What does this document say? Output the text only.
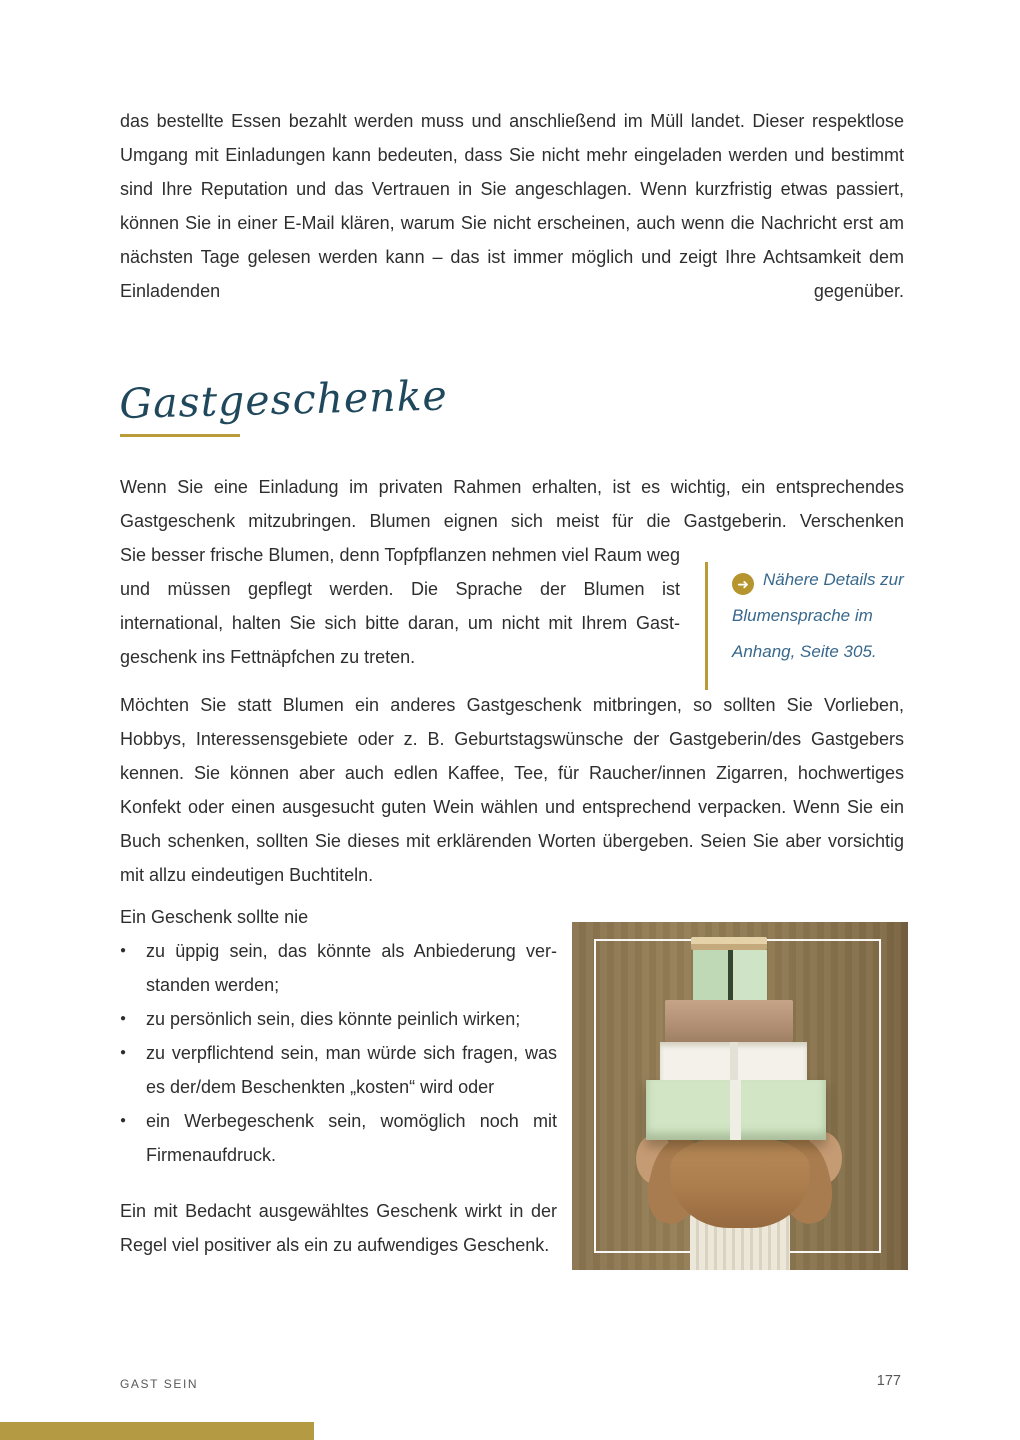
das bestellte Essen bezahlt werden muss und anschließend im Müll landet. Dieser respektlose Umgang mit Einladungen kann bedeuten, dass Sie nicht mehr eingeladen werden und bestimmt sind Ihre Reputation und das Vertrauen in Sie angeschlagen. Wenn kurzfristig etwas passiert, können Sie in einer E-Mail klären, warum Sie nicht erscheinen, auch wenn die Nachricht erst am nächsten Tage gelesen werden kann – das ist immer möglich und zeigt Ihre Achtsamkeit dem Einladenden gegenüber.
Gastgeschenke
Wenn Sie eine Einladung im privaten Rahmen erhalten, ist es wichtig, ein entsprechendes Gastgeschenk mitzubringen. Blumen eignen sich meist für die Gastgeberin. Verschenken
Sie besser frische Blumen, denn Topfpflanzen nehmen viel Raum weg und müssen gepflegt werden. Die Sprache der Blumen ist international, halten Sie sich bitte daran, um nicht mit Ihrem Gastgeschenk ins Fettnäpfchen zu treten.
➜ Nähere Details zur Blumensprache im Anhang, Seite 305.
Möchten Sie statt Blumen ein anderes Gastgeschenk mitbringen, so sollten Sie Vorlieben, Hobbys, Interessensgebiete oder z. B. Geburtstagswünsche der Gastgeberin/des Gastgebers kennen. Sie können aber auch edlen Kaffee, Tee, für Raucher/innen Zigarren, hochwertiges Konfekt oder einen ausgesucht guten Wein wählen und entsprechend verpacken. Wenn Sie ein Buch schenken, sollten Sie dieses mit erklärenden Worten übergeben. Seien Sie aber vorsichtig mit allzu eindeutigen Buchtiteln.
Ein Geschenk sollte nie
●	zu üppig sein, das könnte als Anbiederung verstanden werden;
●	zu persönlich sein, dies könnte peinlich wirken;
●	zu verpflichtend sein, man würde sich fragen, was es der/dem Beschenkten „kosten“ wird oder
●	ein Werbegeschenk sein, womöglich noch mit Firmenaufdruck.
Ein mit Bedacht ausgewähltes Geschenk wirkt in der Regel viel positiver als ein zu aufwendiges Geschenk.
GAST SEIN	177
